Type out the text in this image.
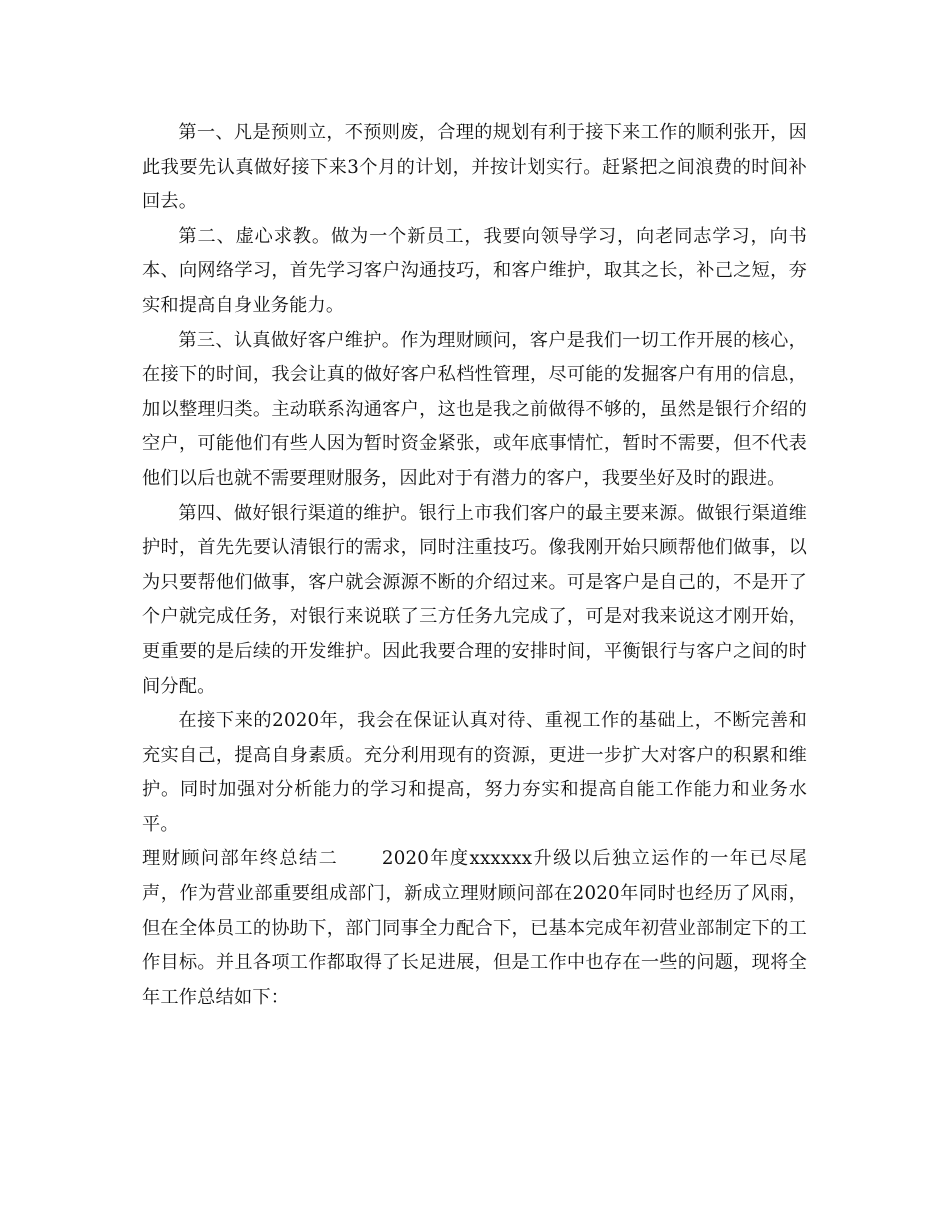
第一、凡是预则立，不预则废，合理的规划有利于接下来工作的顺利张开，因此我要先认真做好接下来3个月的计划，并按计划实行。赶紧把之间浪费的时间补回去。

第二、虚心求教。做为一个新员工，我要向领导学习，向老同志学习，向书本、向网络学习，首先学习客户沟通技巧，和客户维护，取其之长，补己之短，夯实和提高自身业务能力。

第三、认真做好客户维护。作为理财顾问，客户是我们一切工作开展的核心，在接下的时间，我会让真的做好客户私档性管理，尽可能的发掘客户有用的信息，加以整理归类。主动联系沟通客户，这也是我之前做得不够的，虽然是银行介绍的空户，可能他们有些人因为暂时资金紧张，或年底事情忙，暂时不需要，但不代表他们以后也就不需要理财服务，因此对于有潜力的客户，我要坐好及时的跟进。

第四、做好银行渠道的维护。银行上市我们客户的最主要来源。做银行渠道维护时，首先先要认清银行的需求，同时注重技巧。像我刚开始只顾帮他们做事，以为只要帮他们做事，客户就会源源不断的介绍过来。可是客户是自己的，不是开了个户就完成任务，对银行来说联了三方任务九完成了，可是对我来说这才刚开始，更重要的是后续的开发维护。因此我要合理的安排时间，平衡银行与客户之间的时间分配。

在接下来的2020年，我会在保证认真对待、重视工作的基础上，不断完善和充实自己，提高自身素质。充分利用现有的资源，更进一步扩大对客户的积累和维护。同时加强对分析能力的学习和提高，努力夯实和提高自能工作能力和业务水平。

理财顾问部年终总结二 2020年度xxxxxx升级以后独立运作的一年已尽尾声，作为营业部重要组成部门，新成立理财顾问部在2020年同时也经历了风雨，但在全体员工的协助下，部门同事全力配合下，已基本完成年初营业部制定下的工作目标。并且各项工作都取得了长足进展，但是工作中也存在一些的问题，现将全年工作总结如下：
